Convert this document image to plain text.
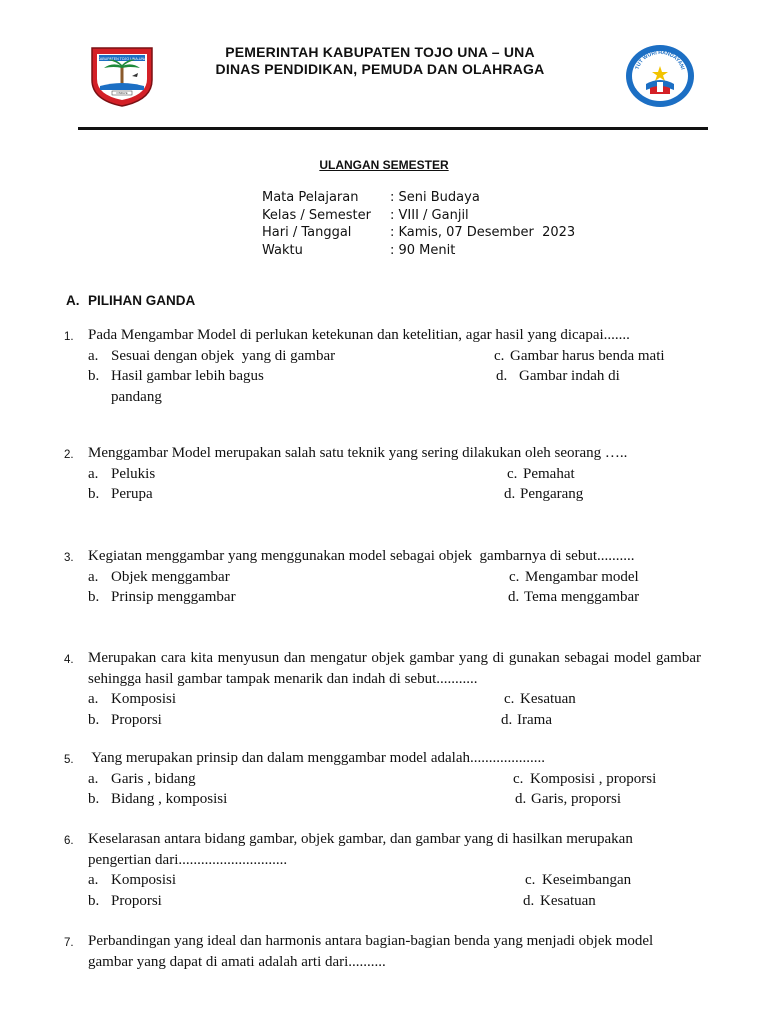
KABUPATEN TOJO UNA-UNA
ONDA'E
PEMERINTAH KABUPATEN TOJO UNA – UNA
DINAS PENDIDIKAN, PEMUDA DAN OLAHRAGA	TUT WURI HANDAYANI
ULANGAN SEMESTER
Mata Pelajaran : Seni Budaya
Kelas / Semester : VIII / Ganjil
Hari / Tanggal	: Kamis, 07 Desember  2023
Waktu	: 90 Menit
A. PILIHAN GANDA
1. Pada Mengambar Model di perlukan ketekunan dan ketelitian, agar hasil yang dicapai.......
a. Sesuai dengan objek  yang di gambar	c. Gambar harus benda mati
b. Hasil gambar lebih bagus	d. Gambar indah di
pandang
2. Menggambar Model merupakan salah satu teknik yang sering dilakukan oleh seorang …..
a. Pelukis	c. Pemahat
b. Perupa	d. Pengarang
3. Kegiatan menggambar yang menggunakan model sebagai objek  gambarnya di sebut..........
a. Objek menggambar	c. Mengambar model
b. Prinsip menggambar	d. Tema menggambar
4. Merupakan cara kita menyusun dan mengatur objek gambar yang di gunakan sebagai model gambar sehingga hasil gambar tampak menarik dan indah di sebut...........
a. Komposisi	c. Kesatuan
b. Proporsi	d. Irama
5. Yang merupakan prinsip dan dalam menggambar model adalah....................
a. Garis , bidang	c. Komposisi , proporsi
b. Bidang , komposisi	d. Garis, proporsi
6. Keselarasan antara bidang gambar, objek gambar, dan gambar yang di hasilkan merupakan pengertian dari.............................
a. Komposisi	c. Keseimbangan
b. Proporsi	d. Kesatuan
7. Perbandingan yang ideal dan harmonis antara bagian-bagian benda yang menjadi objek model gambar yang dapat di amati adalah arti dari..........
